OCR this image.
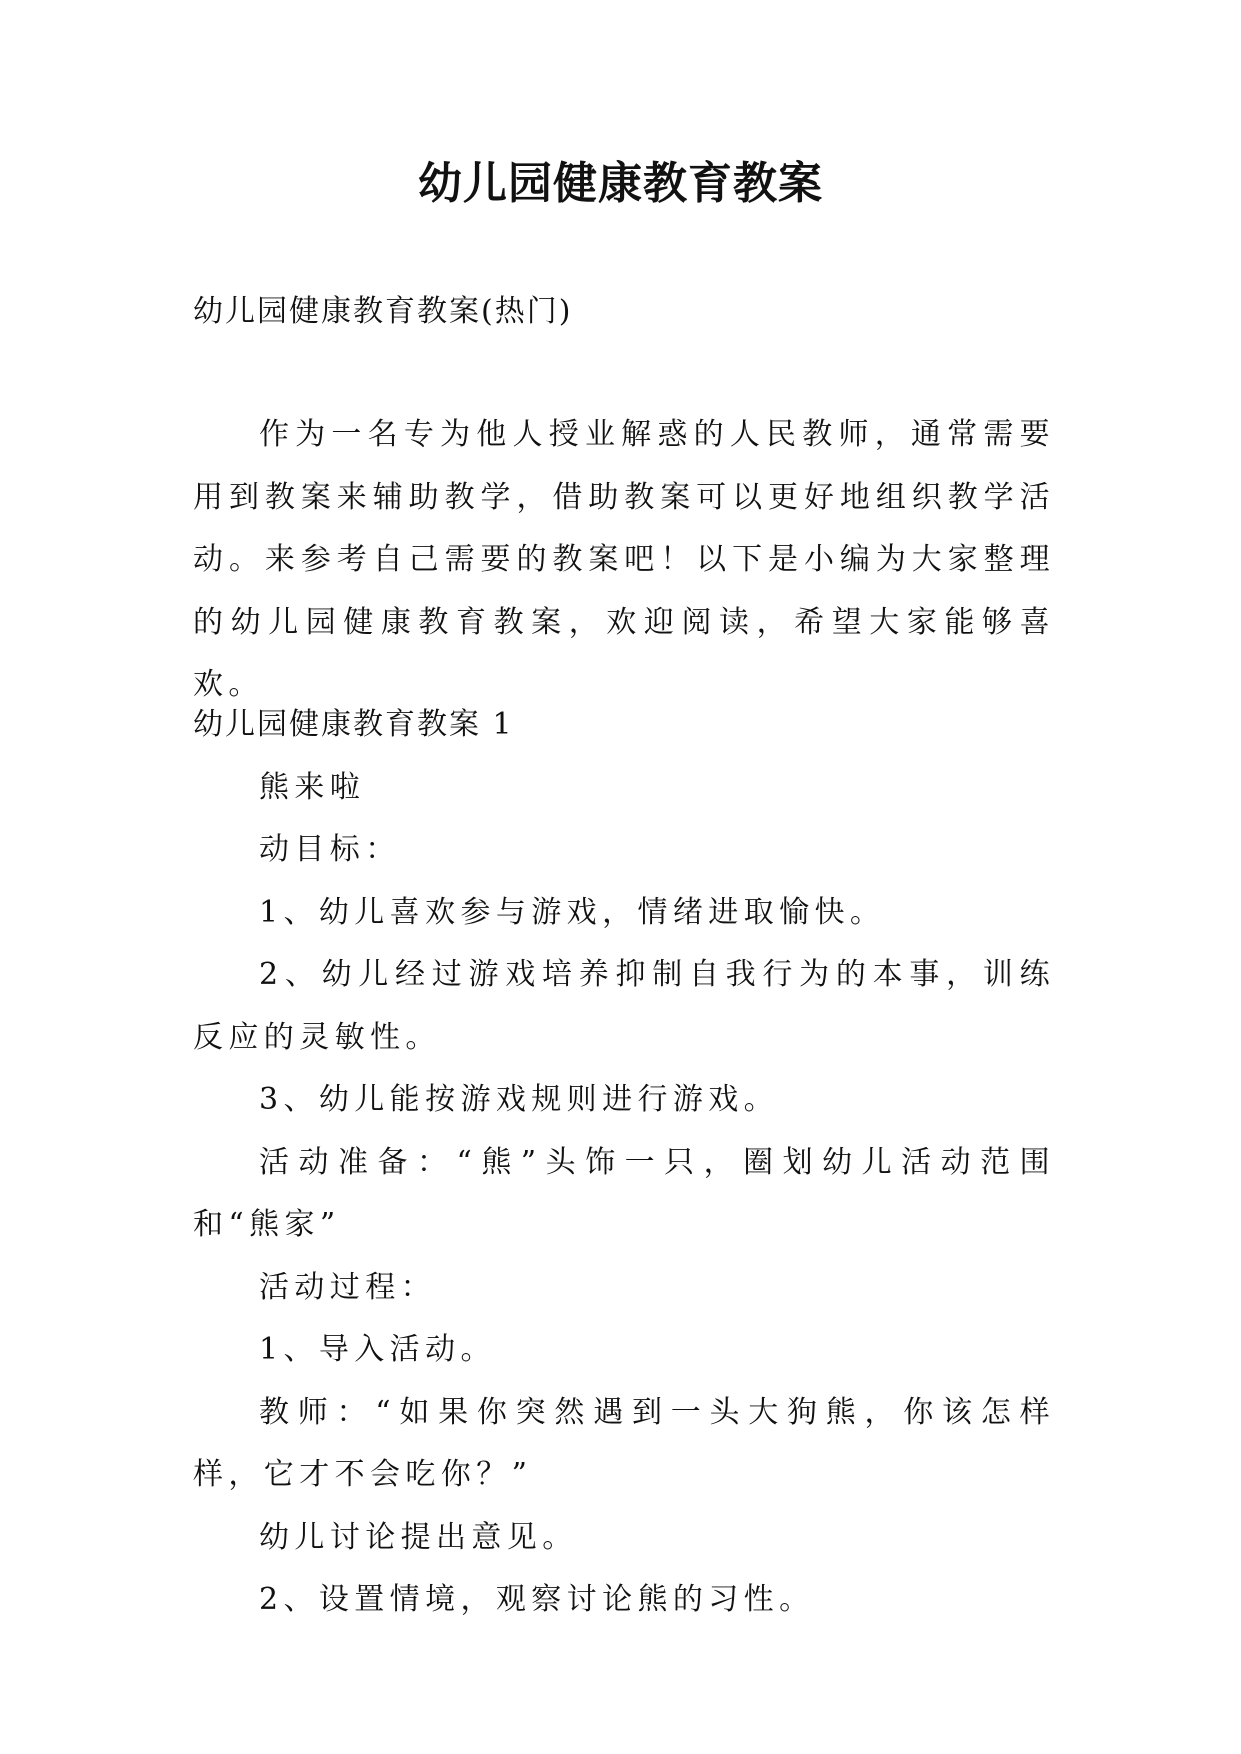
幼儿园健康教育教案
幼儿园健康教育教案(热门)

作为一名专为他人授业解惑的人民教师，通常需要用到教案来辅助教学，借助教案可以更好地组织教学活动。来参考自己需要的教案吧！以下是小编为大家整理的幼儿园健康教育教案，欢迎阅读，希望大家能够喜欢。

幼儿园健康教育教案 1

熊来啦

动目标：

1、幼儿喜欢参与游戏，情绪进取愉快。

2、幼儿经过游戏培养抑制自我行为的本事，训练反应的灵敏性。

3、幼儿能按游戏规则进行游戏。

活动准备：“熊”头饰一只，圈划幼儿活动范围和“熊家”

活动过程：

1、导入活动。

教师：“如果你突然遇到一头大狗熊，你该怎样样，它才不会吃你？”

幼儿讨论提出意见。

2、设置情境，观察讨论熊的习性。
